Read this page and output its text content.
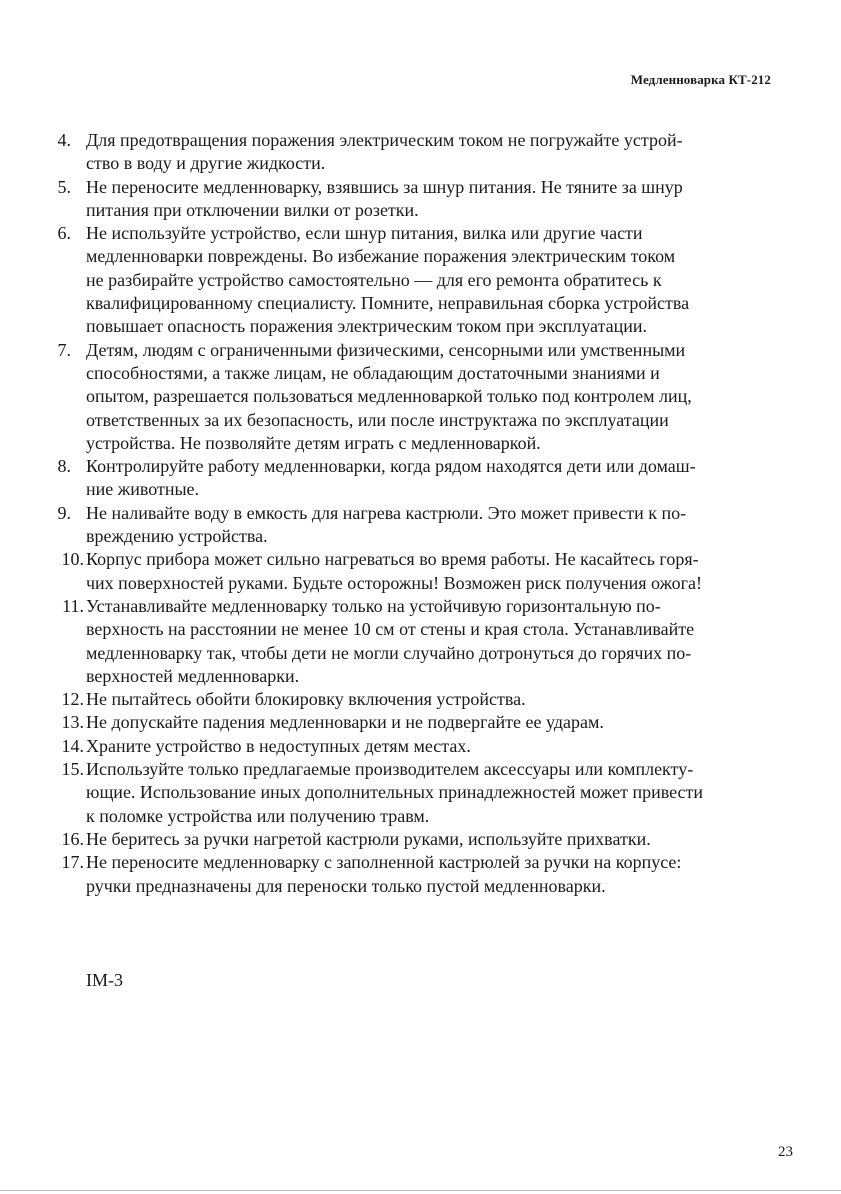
Медленноварка КТ-212
4. Для предотвращения поражения электрическим током не погружайте устрой-
ство в воду и другие жидкости.
5. Не переносите медленноварку, взявшись за шнур питания. Не тяните за шнур
питания при отключении вилки от розетки.
6. Не используйте устройство, если шнур питания, вилка или другие части
медленноварки повреждены. Во избежание поражения электрическим током
не разбирайте устройство самостоятельно — для его ремонта обратитесь к
квалифицированному специалисту. Помните, неправильная сборка устройства
повышает опасность поражения электрическим током при эксплуатации.
7. Детям, людям с ограниченными физическими, сенсорными или умственными
способностями, а также лицам, не обладающим достаточными знаниями и
опытом, разрешается пользоваться медленноваркой только под контролем лиц,
ответственных за их безопасность, или после инструктажа по эксплуатации
устройства. Не позволяйте детям играть с медленноваркой.
8. Контролируйте работу медленноварки, когда рядом находятся дети или домаш-
ние животные.
9. Не наливайте воду в емкость для нагрева кастрюли. Это может привести к по-
вреждению устройства.
10. Корпус прибора может сильно нагреваться во время работы. Не касайтесь горя-
чих поверхностей руками. Будьте осторожны! Возможен риск получения ожога!
11. Устанавливайте медленноварку только на устойчивую горизонтальную по-
верхность на расстоянии не менее 10 см от стены и края стола. Устанавливайте
медленноварку так, чтобы дети не могли случайно дотронуться до горячих по-
верхностей медленноварки.
12. Не пытайтесь обойти блокировку включения устройства.
13. Не допускайте падения медленноварки и не подвергайте ее ударам.
14. Храните устройство в недоступных детям местах.
15. Используйте только предлагаемые производителем аксессуары или комплекту-
ющие. Использование иных дополнительных принадлежностей может привести
к поломке устройства или получению травм.
16. Не беритесь за ручки нагретой кастрюли руками, используйте прихватки.
17. Не переносите медленноварку с заполненной кастрюлей за ручки на корпусе:
ручки предназначены для переноски только пустой медленноварки.
IM-3
23
